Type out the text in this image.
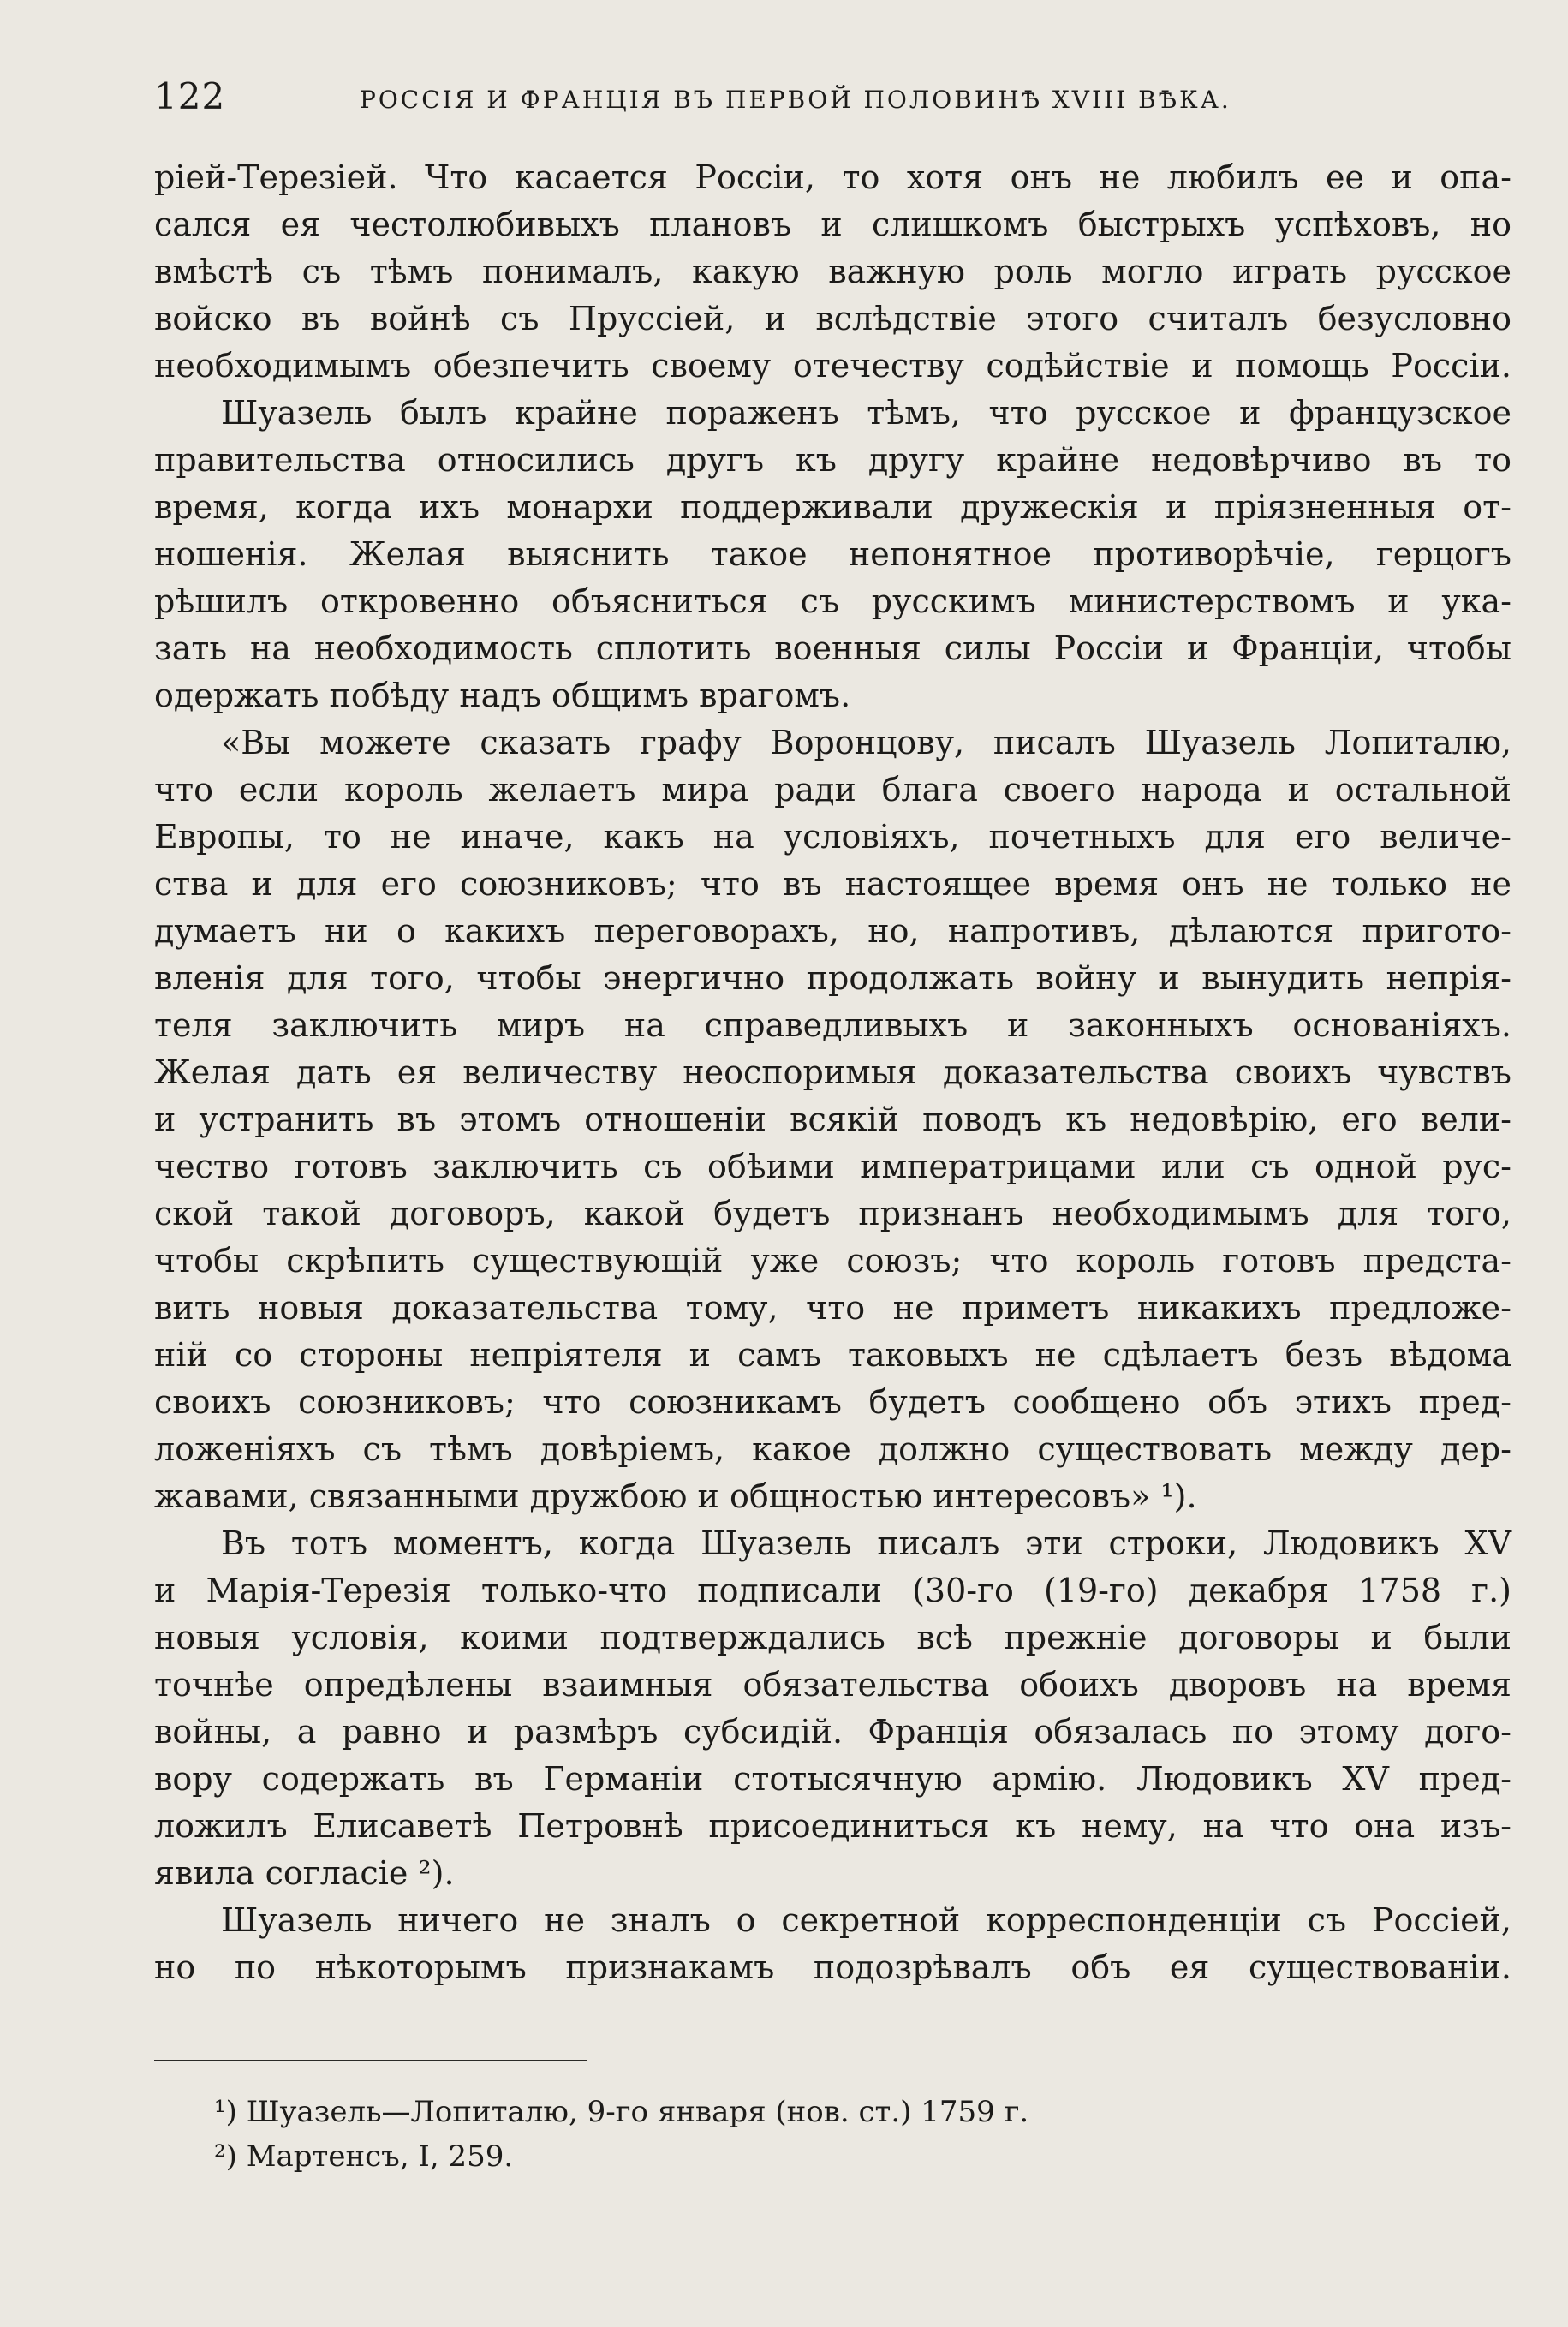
122	РОССІЯ И ФРАНЦІЯ ВЪ ПЕРВОЙ ПОЛОВИНѢ XVIII ВѢКА.
ріей-Терезіей. Что касается Россіи, то хотя онъ не любилъ ее и опа-
сался ея честолюбивыхъ плановъ и слишкомъ быстрыхъ успѣховъ, но
вмѣстѣ съ тѣмъ понималъ, какую важную роль могло играть русское
войско въ войнѣ съ Пруссіей, и вслѣдствіе этого считалъ безусловно
необходимымъ обезпечить своему отечеству содѣйствіе и помощь Россіи.
Шуазель былъ крайне пораженъ тѣмъ, что русское и французское
правительства относились другъ къ другу крайне недовѣрчиво въ то
время, когда ихъ монархи поддерживали дружескія и пріязненныя от-
ношенія. Желая выяснить такое непонятное противорѣчіе, герцогъ
рѣшилъ откровенно объясниться съ русскимъ министерствомъ и ука-
зать на необходимость сплотить военныя силы Россіи и Франціи, чтобы
одержать побѣду надъ общимъ врагомъ.
«Вы можете сказать графу Воронцову, писалъ Шуазель Лопиталю,
что если король желаетъ мира ради блага своего народа и остальной
Европы, то не иначе, какъ на условіяхъ, почетныхъ для его величе-
ства и для его союзниковъ; что въ настоящее время онъ не только не
думаетъ ни о какихъ переговорахъ, но, напротивъ, дѣлаются пригото-
вленія для того, чтобы энергично продолжать войну и вынудить непрія-
теля заключить миръ на справедливыхъ и законныхъ основаніяхъ.
Желая дать ея величеству неоспоримыя доказательства своихъ чувствъ
и устранить въ этомъ отношеніи всякій поводъ къ недовѣрію, его вели-
чество готовъ заключить съ обѣими императрицами или съ одной рус-
ской такой договоръ, какой будетъ признанъ необходимымъ для того,
чтобы скрѣпить существующій уже союзъ; что король готовъ предста-
вить новыя доказательства тому, что не приметъ никакихъ предложе-
ній со стороны непріятеля и самъ таковыхъ не сдѣлаетъ безъ вѣдома
своихъ союзниковъ; что союзникамъ будетъ сообщено объ этихъ пред-
ложеніяхъ съ тѣмъ довѣріемъ, какое должно существовать между дер-
жавами, связанными дружбою и общностью интересовъ» ¹).
Въ тотъ моментъ, когда Шуазель писалъ эти строки, Людовикъ XV
и Марія-Терезія только-что подписали (30-го (19-го) декабря 1758 г.)
новыя условія, коими подтверждались всѣ прежніе договоры и были
точнѣе опредѣлены взаимныя обязательства обоихъ дворовъ на время
войны, а равно и размѣръ субсидій. Франція обязалась по этому дого-
вору содержать въ Германіи стотысячную армію. Людовикъ XV пред-
ложилъ Елисаветѣ Петровнѣ присоединиться къ нему, на что она изъ-
явила согласіе ²).
Шуазель ничего не зналъ о секретной корреспонденціи съ Россіей,
но по нѣкоторымъ признакамъ подозрѣвалъ объ ея существованіи.
¹) Шуазель—Лопиталю, 9-го января (нов. ст.) 1759 г.
²) Мартенсъ, I, 259.
